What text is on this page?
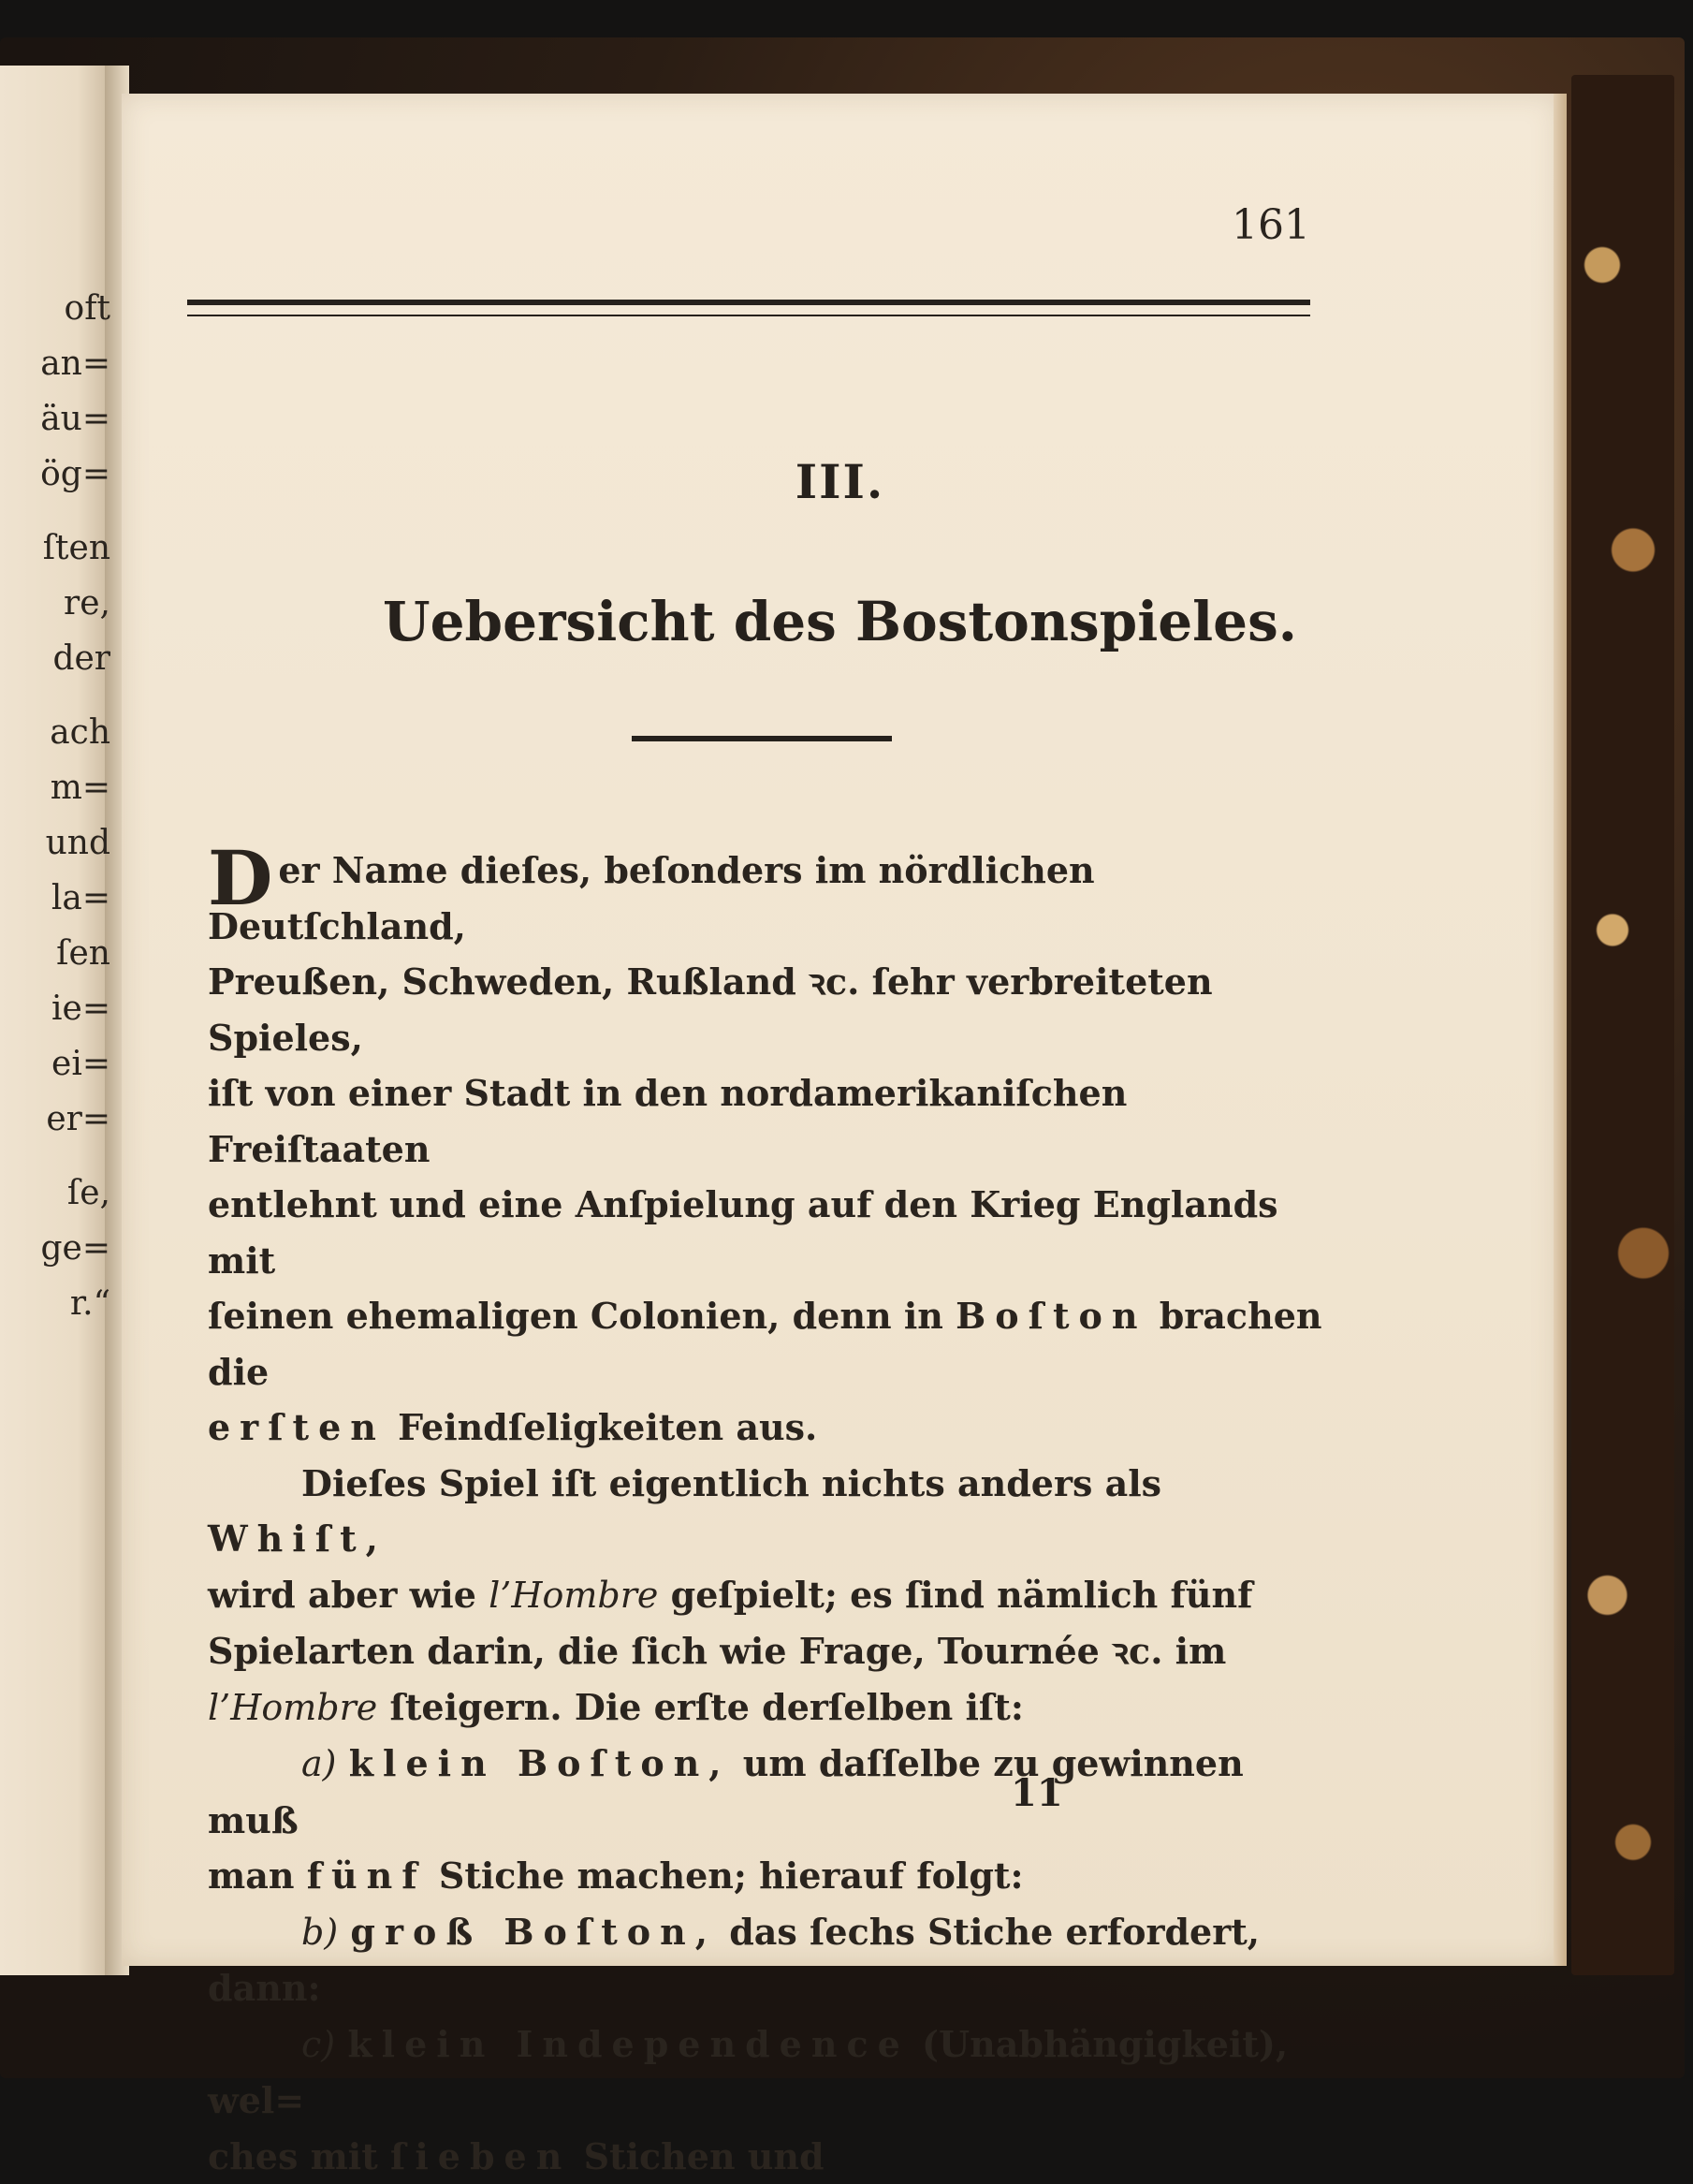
oft
an=
äu=
ög=
ſten
re,
der
ach
m=
und
la=
ſen
ie=
ei=
er=
ſe,
ge=
r.“
161
III.
Uebersicht des Bostonspieles.

Der Name dieſes, beſonders im nördlichen Deutſchland,
Preußen, Schweden, Rußland ꝛc. ſehr verbreiteten Spieles,
iſt von einer Stadt in den nordamerikaniſchen Freiſtaaten
entlehnt und eine Anſpielung auf den Krieg Englands mit
ſeinen ehemaligen Colonien, denn in Boſton brachen die
erſten Feindſeligkeiten aus.

Dieſes Spiel iſt eigentlich nichts anders als Whiſt,
wird aber wie l’Hombre geſpielt; es ſind nämlich fünf
Spielarten darin, die ſich wie Frage, Tournée ꝛc. im
l’Hombre ſteigern. Die erſte derſelben iſt:

a) klein Boſton, um daſſelbe zu gewinnen muß
man fünf Stiche machen; hierauf folgt:

b) groß Boſton, das ſechs Stiche erfordert,
dann:

c) klein Independence (Unabhängigkeit), wel=
ches mit ſieben Stichen und

11
